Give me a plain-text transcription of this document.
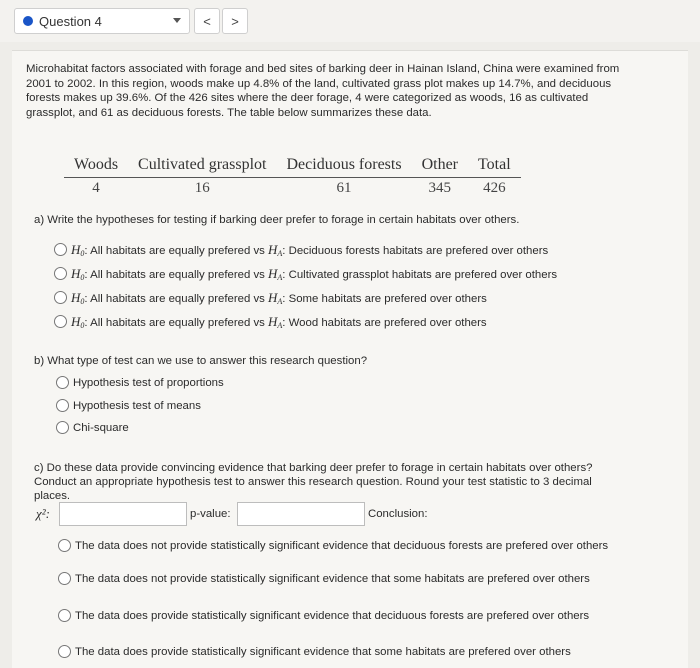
Question 4	< >
Microhabitat factors associated with forage and bed sites of barking deer in Hainan Island, China were examined from 2001 to 2002. In this region, woods make up 4.8% of the land, cultivated grass plot makes up 14.7%, and deciduous forests makes up 39.6%. Of the 426 sites where the deer forage, 4 were categorized as woods, 16 as cultivated grassplot, and 61 as deciduous forests. The table below summarizes these data.
Woods	Cultivated grassplot	Deciduous forests	Other	Total
4	16	61	345	426
a) Write the hypotheses for testing if barking deer prefer to forage in certain habitats over others.
$H_0$: All habitats are equally prefered vs $H_A$: Deciduous forests habitats are prefered over others
$H_0$: All habitats are equally prefered vs $H_A$: Cultivated grassplot habitats are prefered over others
$H_0$: All habitats are equally prefered vs $H_A$: Some habitats are prefered over others
$H_0$: All habitats are equally prefered vs $H_A$: Wood habitats are prefered over others
b) What type of test can we use to answer this research question?
Hypothesis test of proportions
Hypothesis test of means
Chi-square
c) Do these data provide convincing evidence that barking deer prefer to forage in certain habitats over others? Conduct an appropriate hypothesis test to answer this research question. Round your test statistic to 3 decimal places.
χ²:	p-value:	Conclusion:
The data does not provide statistically significant evidence that deciduous forests are prefered over others
The data does not provide statistically significant evidence that some habitats are prefered over others
The data does provide statistically significant evidence that deciduous forests are prefered over others
The data does provide statistically significant evidence that some habitats are prefered over others
